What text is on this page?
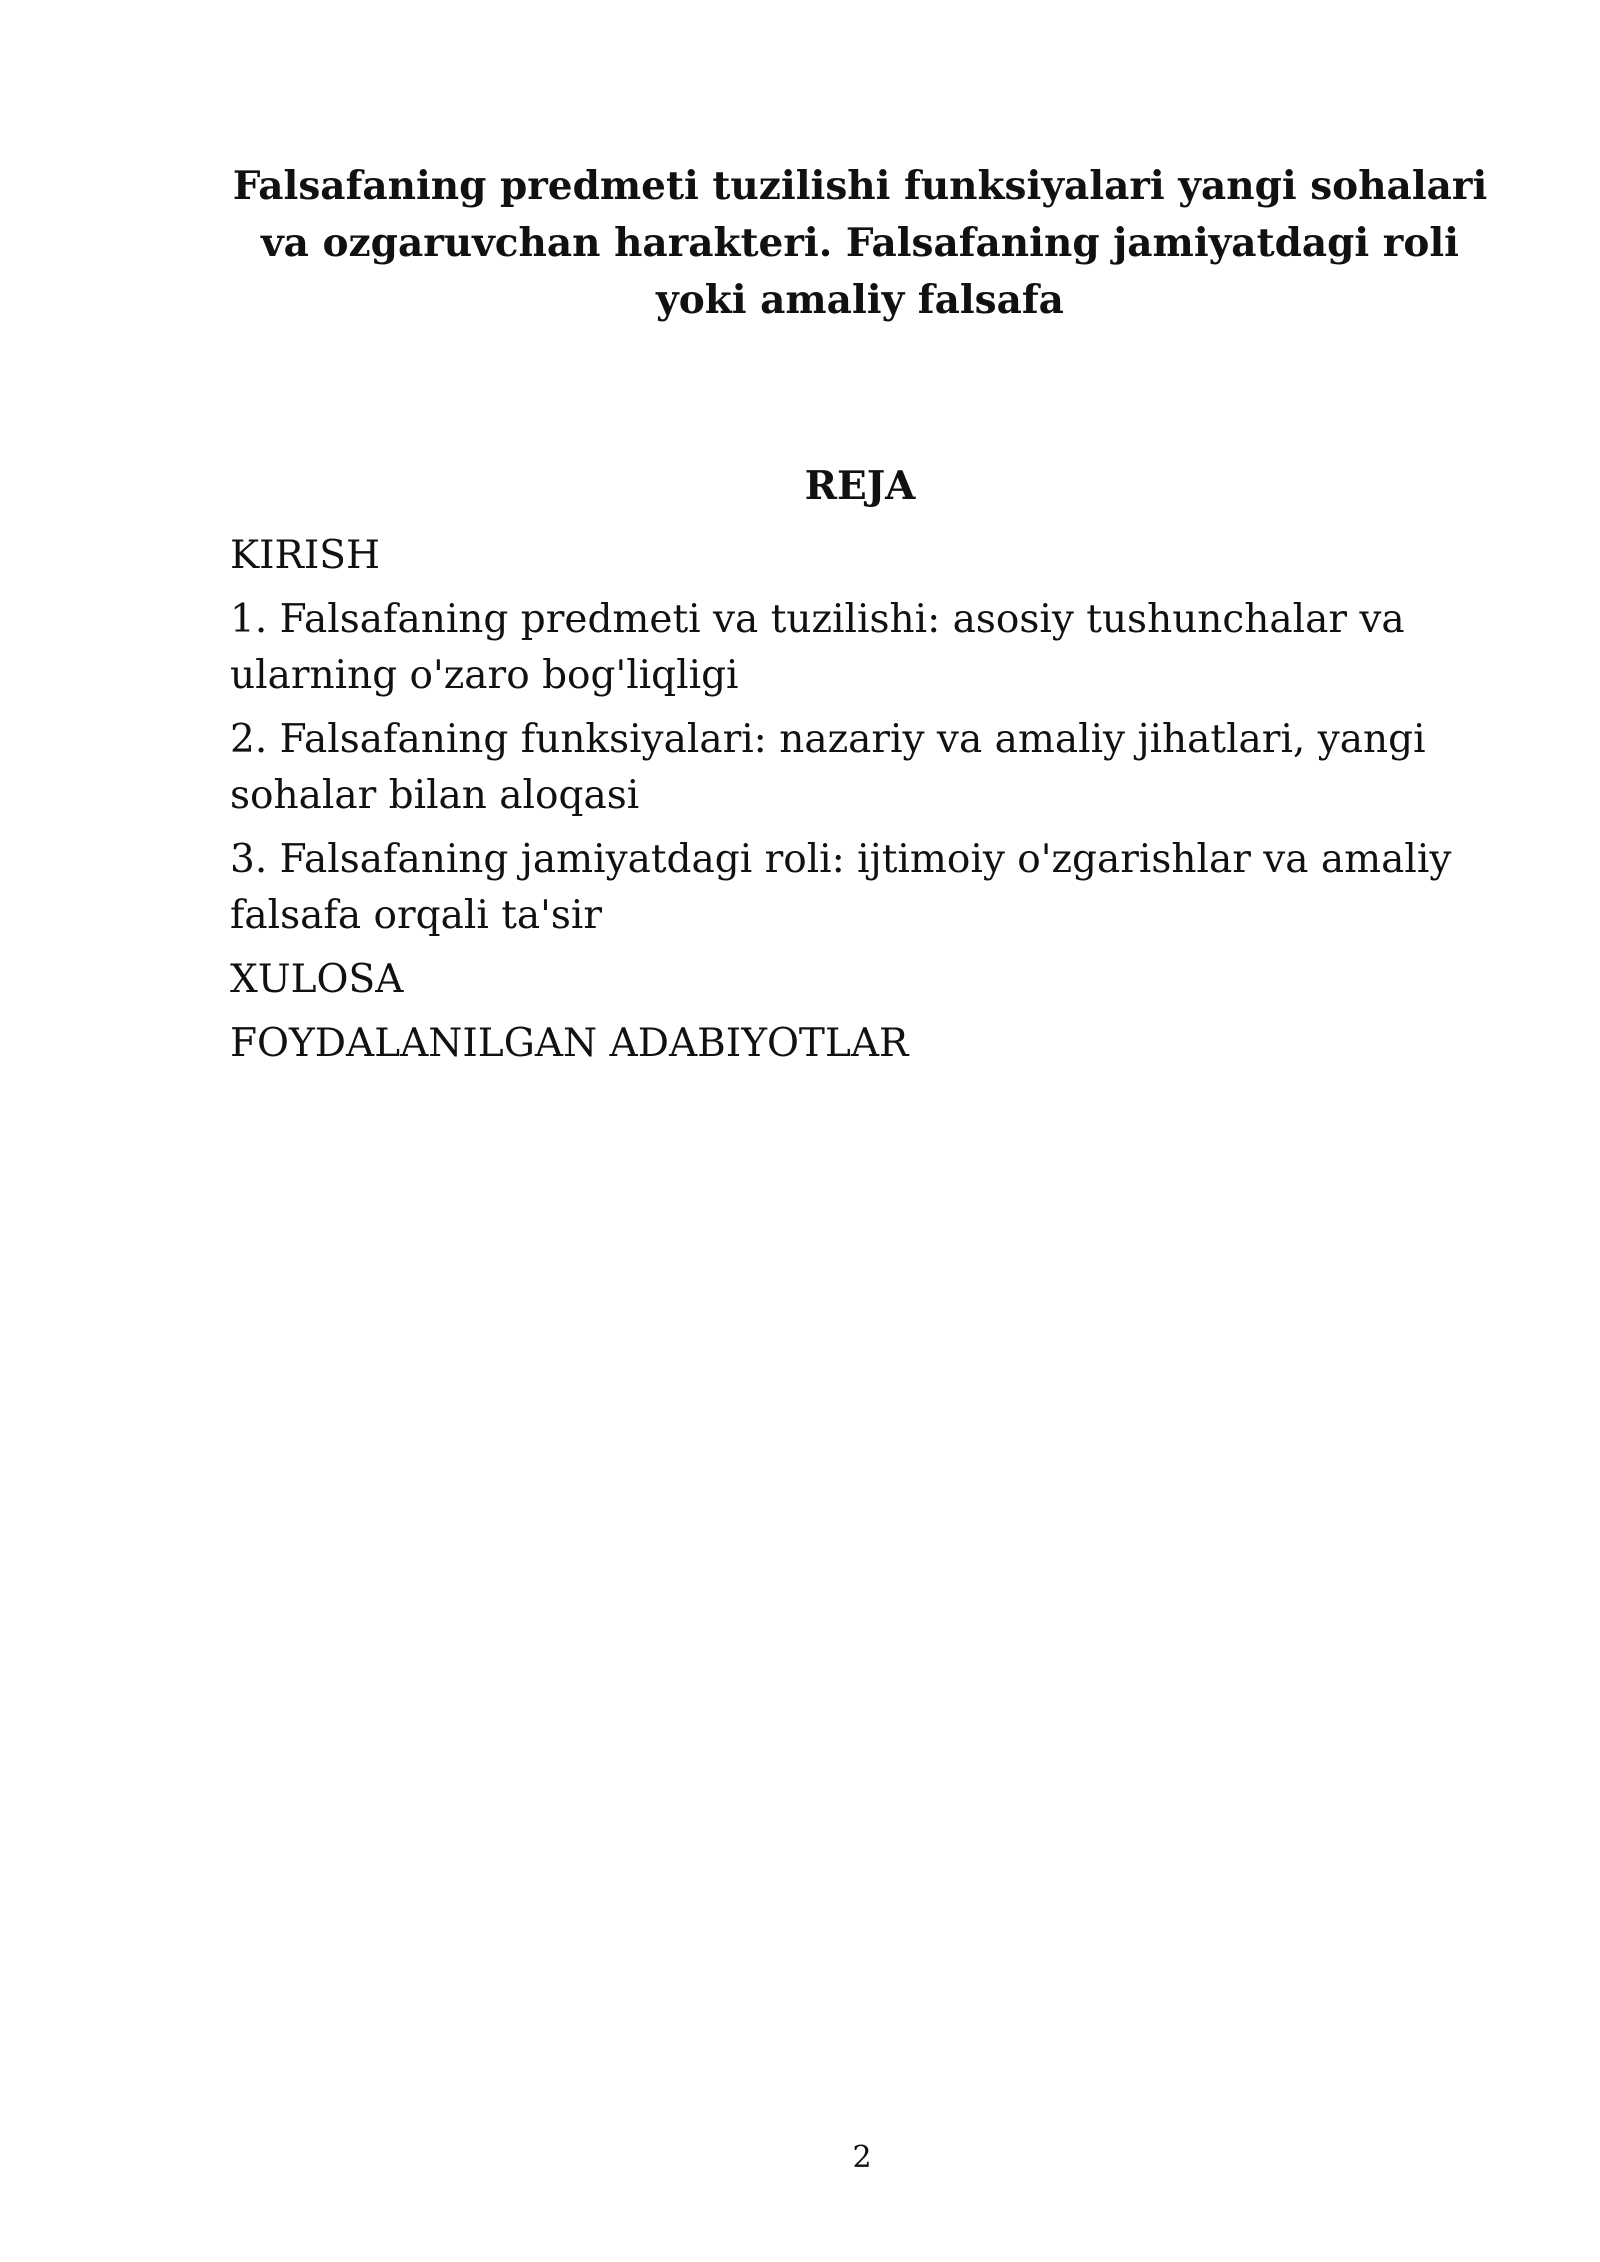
Falsafaning predmeti tuzilishi funksiyalari yangi sohalari
va ozgaruvchan harakteri. Falsafaning jamiyatdagi roli
yoki amaliy falsafa
REJA
KIRISH
1. Falsafaning predmeti va tuzilishi: asosiy tushunchalar va
ularning o'zaro bog'liqligi
2. Falsafaning funksiyalari: nazariy va amaliy jihatlari, yangi
sohalar bilan aloqasi
3. Falsafaning jamiyatdagi roli: ijtimoiy o'zgarishlar va amaliy
falsafa orqali ta'sir
XULOSA
FOYDALANILGAN ADABIYOTLAR
2
